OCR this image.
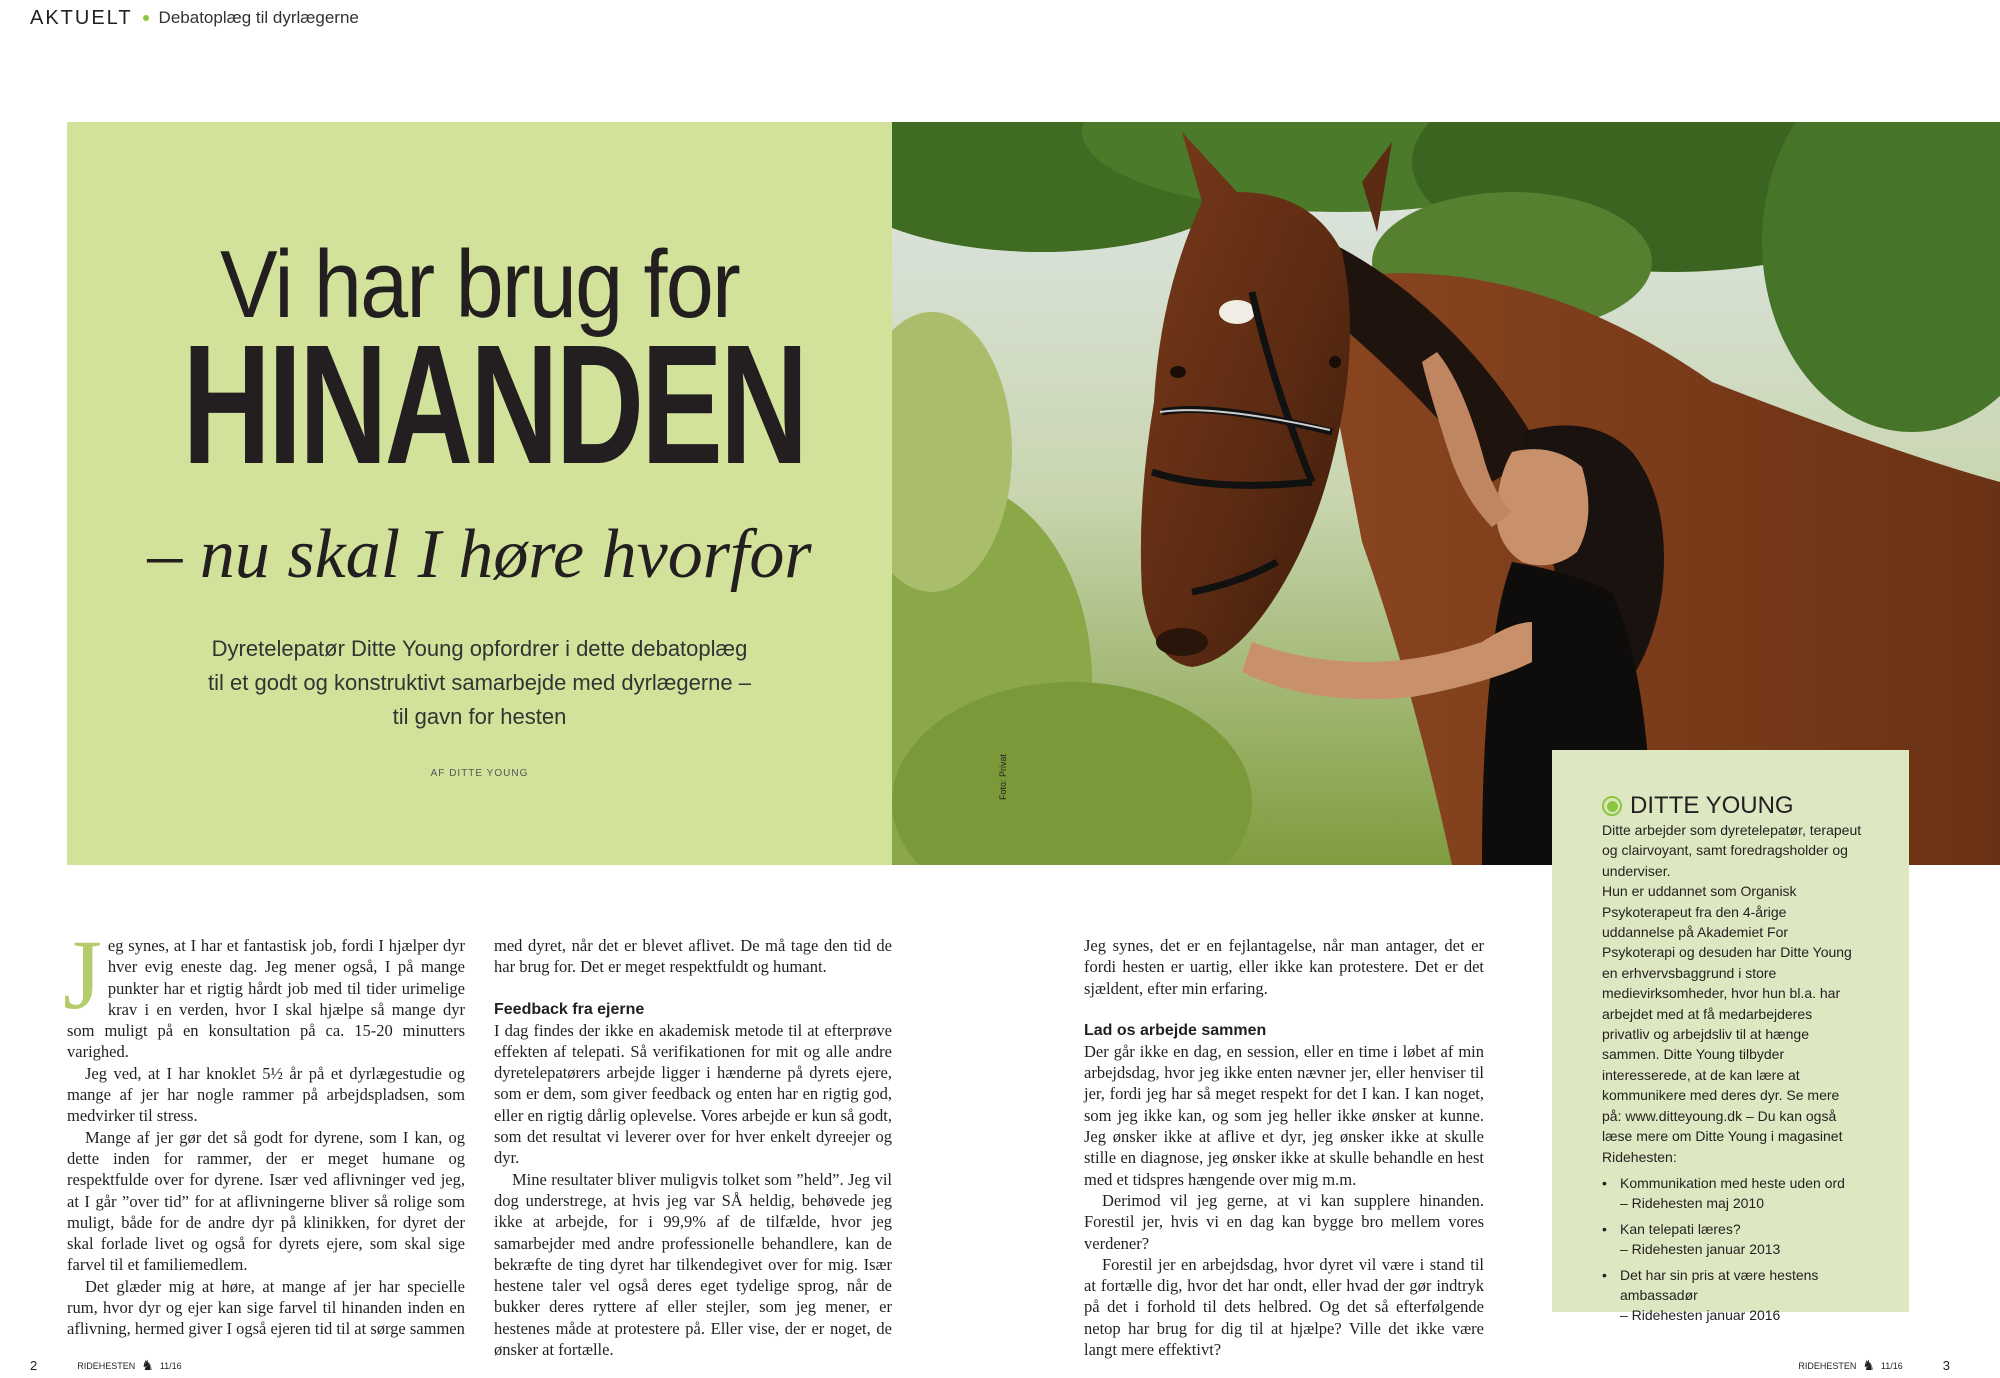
AKTUELT Debatoplæg til dyrlægerne
Vi har brug for
HINANDEN
– nu skal I høre hvorfor
Dyretelepatør Ditte Young opfordrer i dette debatoplæg til et godt og konstruktivt samarbejde med dyrlægerne – til gavn for hesten
AF DITTE YOUNG	Foto: Privat
J eg synes, at I har et fantastisk job, fordi I hjælper dyr hver evig eneste dag. Jeg mener også, I på mange punkter har et rigtig hårdt job med til tider urimelige krav i en verden, hvor I skal hjælpe så mange dyr som muligt på en konsultation på ca. 15-20 minutters varighed.

Jeg ved, at I har knoklet 5½ år på et dyrlægestudie og mange af jer har nogle rammer på arbejdspladsen, som medvirker til stress.

Mange af jer gør det så godt for dyrene, som I kan, og dette inden for rammer, der er meget humane og respektfulde over for dyrene. Især ved aflivninger ved jeg, at I går ”over tid” for at aflivningerne bliver så rolige som muligt, både for de andre dyr på klinikken, for dyret der skal forlade livet og også for dyrets ejere, som skal sige farvel til et familiemedlem.

Det glæder mig at høre, at mange af jer har specielle rum, hvor dyr og ejer kan sige farvel til hinanden inden en aflivning, hermed giver I også ejeren tid til at sørge sammen

med dyret, når det er blevet aflivet. De må tage den tid de har brug for. Det er meget respektfuldt og humant.

Feedback fra ejerne

I dag findes der ikke en akademisk metode til at efterprøve effekten af telepati. Så verifikationen for mit og alle andre dyretelepatørers arbejde ligger i hænderne på dyrets ejere, som er dem, som giver feedback og enten har en rigtig god, eller en rigtig dårlig oplevelse. Vores arbejde er kun så godt, som det resultat vi leverer over for hver enkelt dyreejer og dyr.

Mine resultater bliver muligvis tolket som ”held”. Jeg vil dog understrege, at hvis jeg var SÅ heldig, behøvede jeg ikke at arbejde, for i 99,9% af de tilfælde, hvor jeg samarbejder med andre professionelle behandlere, kan de bekræfte de ting dyret har tilkendegivet over for mig. Især hestene taler vel også deres eget tydelige sprog, når de bukker deres ryttere af eller stejler, som jeg mener, er hestenes måde at protestere på. Eller vise, der er noget, de ønsker at fortælle.

Jeg synes, det er en fejlantagelse, når man antager, det er fordi hesten er uartig, eller ikke kan protestere. Det er det sjældent, efter min erfaring.

Lad os arbejde sammen

Der går ikke en dag, en session, eller en time i løbet af min arbejdsdag, hvor jeg ikke enten nævner jer, eller henviser til jer, fordi jeg har så meget respekt for det I kan. I kan noget, som jeg ikke kan, og som jeg heller ikke ønsker at kunne. Jeg ønsker ikke at aflive et dyr, jeg ønsker ikke at skulle stille en diagnose, jeg ønsker ikke at skulle behandle en hest med et tidspres hængende over mig m.m.

Derimod vil jeg gerne, at vi kan supplere hinanden. Forestil jer, hvis vi en dag kan bygge bro mellem vores verdener?

Forestil jer en arbejdsdag, hvor dyret vil være i stand til at fortælle dig, hvor det har ondt, eller hvad der gør indtryk på det i forhold til dets helbred. Og det så efterfølgende netop har brug for dig til at hjælpe? Ville det ikke være langt mere effektivt?

DITTE YOUNG
Ditte arbejder som dyretelepatør, terapeut og clairvoyant, samt foredragsholder og underviser.
Hun er uddannet som Organisk Psykoterapeut fra den 4-årige uddannelse på Akademiet For Psykoterapi og desuden har Ditte Young en erhvervsbaggrund i store medievirksomheder, hvor hun bl.a. har arbejdet med at få medarbejderes privatliv og arbejdsliv til at hænge sammen. Ditte Young tilbyder interesserede, at de kan lære at kommunikere med deres dyr. Se mere på: www.ditteyoung.dk – Du kan også læse mere om Ditte Young i magasinet Ridehesten:
• Kommunikation med heste uden ord
– Ridehesten maj 2010
• Kan telepati læres?
– Ridehesten januar 2013
• Det har sin pris at være hestens ambassadør
– Ridehesten januar 2016
2	RIDEHESTEN ♞ 11/16	RIDEHESTEN ♞ 11/16	3
